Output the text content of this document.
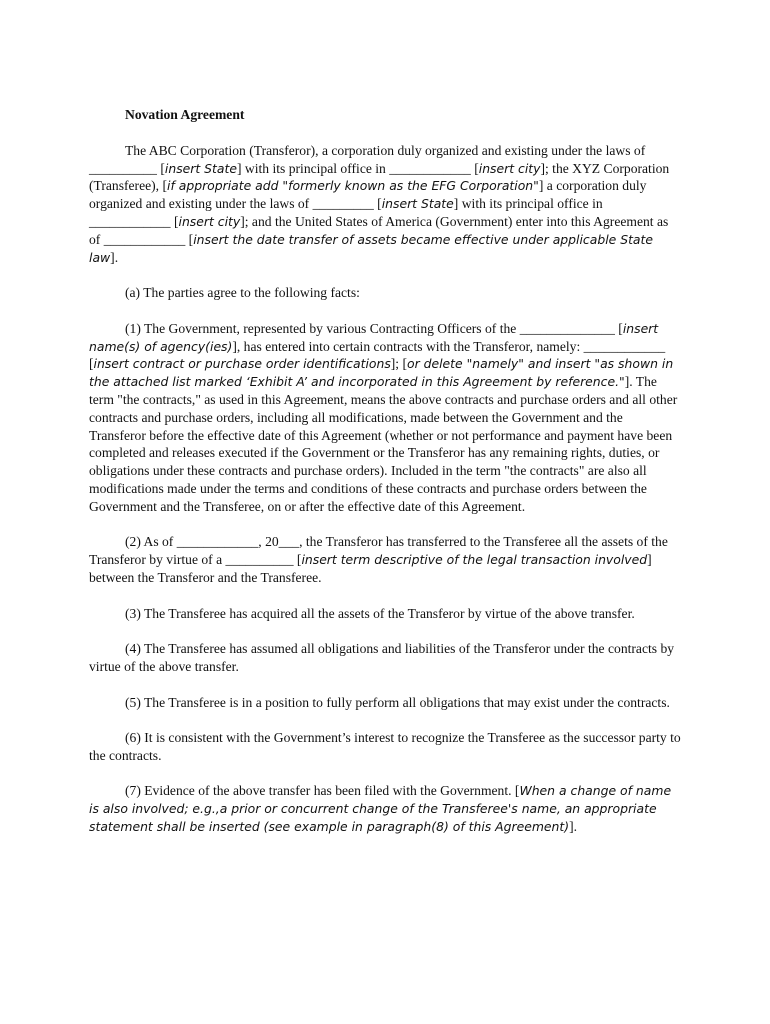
Novation Agreement

The ABC Corporation (Transferor), a corporation duly organized and existing under the laws of __________ [insert State] with its principal office in ____________ [insert city]; the XYZ Corporation (Transferee), [if appropriate add "formerly known as the EFG Corporation"] a corporation duly organized and existing under the laws of _________ [insert State] with its principal office in ____________ [insert city]; and the United States of America (Government) enter into this Agreement as of ____________ [insert the date transfer of assets became effective under applicable State law].

(a) The parties agree to the following facts:

(1) The Government, represented by various Contracting Officers of the ______________ [insert name(s) of agency(ies)], has entered into certain contracts with the Transferor, namely: ____________ [insert contract or purchase order identifications]; [or delete "namely" and insert "as shown in the attached list marked ‘Exhibit A’ and incorporated in this Agreement by reference."]. The term "the contracts," as used in this Agreement, means the above contracts and purchase orders and all other contracts and purchase orders, including all modifications, made between the Government and the Transferor before the effective date of this Agreement (whether or not performance and payment have been completed and releases executed if the Government or the Transferor has any remaining rights, duties, or obligations under these contracts and purchase orders). Included in the term "the contracts" are also all modifications made under the terms and conditions of these contracts and purchase orders between the Government and the Transferee, on or after the effective date of this Agreement.

(2) As of ____________, 20___, the Transferor has transferred to the Transferee all the assets of the Transferor by virtue of a __________ [insert term descriptive of the legal transaction involved] between the Transferor and the Transferee.

(3) The Transferee has acquired all the assets of the Transferor by virtue of the above transfer.

(4) The Transferee has assumed all obligations and liabilities of the Transferor under the contracts by virtue of the above transfer.

(5) The Transferee is in a position to fully perform all obligations that may exist under the contracts.

(6) It is consistent with the Government’s interest to recognize the Transferee as the successor party to the contracts.

(7) Evidence of the above transfer has been filed with the Government. [When a change of name is also involved; e.g.,a prior or concurrent change of the Transferee's name, an appropriate statement shall be inserted (see example in paragraph(8) of this Agreement)].
